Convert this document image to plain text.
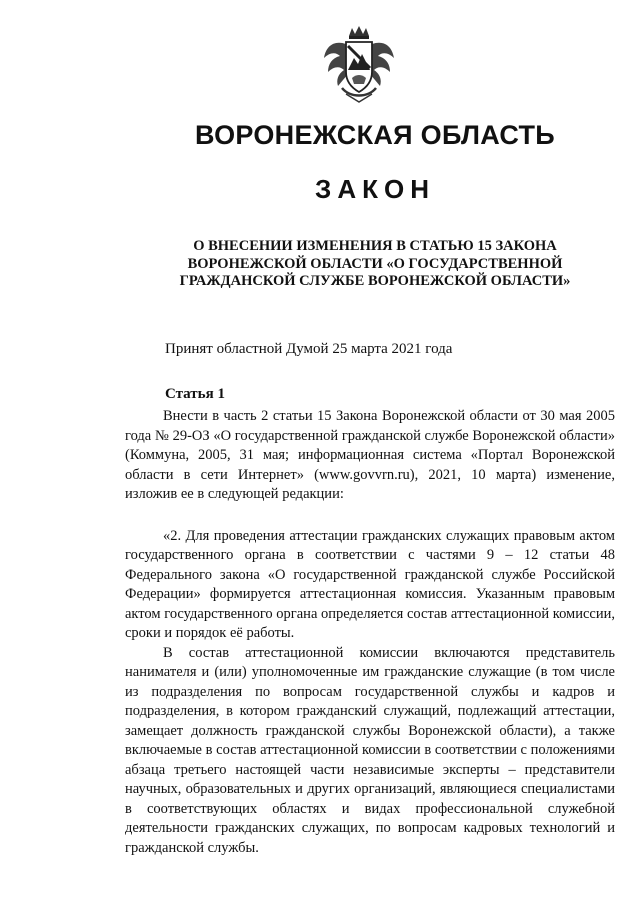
ВОРОНЕЖСКАЯ ОБЛАСТЬ
ЗАКОН
О ВНЕСЕНИИ ИЗМЕНЕНИЯ В СТАТЬЮ 15 ЗАКОНА ВОРОНЕЖСКОЙ ОБЛАСТИ «О ГОСУДАРСТВЕННОЙ ГРАЖДАНСКОЙ СЛУЖБЕ ВОРОНЕЖСКОЙ ОБЛАСТИ»
Принят областной Думой 25 марта 2021 года
Статья 1

Внести в часть 2 статьи 15 Закона Воронежской области от 30 мая 2005 года № 29-ОЗ «О государственной гражданской службе Воронежской области» (Коммуна, 2005, 31 мая; информационная система «Портал Воронежской области в сети Интернет» (www.govvrn.ru), 2021, 10 марта) изменение, изложив ее в следующей редакции:

«2. Для проведения аттестации гражданских служащих правовым актом государственного органа в соответствии с частями 9 – 12 статьи 48 Федерального закона «О государственной гражданской службе Российской Федерации» формируется аттестационная комиссия. Указанным правовым актом государственного органа определяется состав аттестационной комиссии, сроки и порядок её работы.

В состав аттестационной комиссии включаются представитель нанимателя и (или) уполномоченные им гражданские служащие (в том числе из подразделения по вопросам государственной службы и кадров и подразделения, в котором гражданский служащий, подлежащий аттестации, замещает должность гражданской службы Воронежской области), а также включаемые в состав аттестационной комиссии в соответствии с положениями абзаца третьего настоящей части независимые эксперты – представители научных, образовательных и других организаций, являющиеся специалистами в соответствующих областях и видах профессиональной служебной деятельности гражданских служащих, по вопросам кадровых технологий и гражданской службы.
